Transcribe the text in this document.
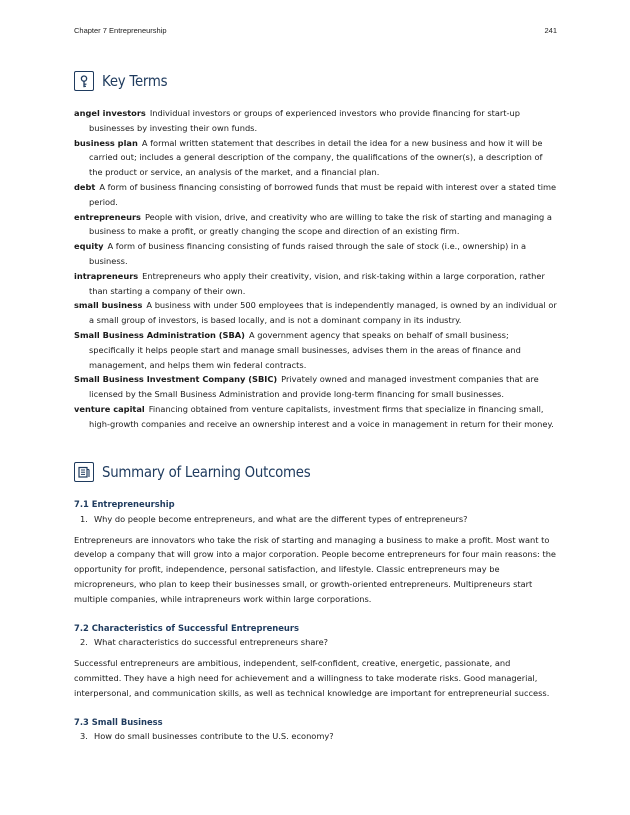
Chapter 7 Entrepreneurship	241
Key Terms

angel investors Individual investors or groups of experienced investors who provide financing for start-up businesses by investing their own funds.

business plan A formal written statement that describes in detail the idea for a new business and how it will be carried out; includes a general description of the company, the qualifications of the owner(s), a description of the product or service, an analysis of the market, and a financial plan.

debt A form of business financing consisting of borrowed funds that must be repaid with interest over a stated time period.

entrepreneurs People with vision, drive, and creativity who are willing to take the risk of starting and managing a business to make a profit, or greatly changing the scope and direction of an existing firm.

equity A form of business financing consisting of funds raised through the sale of stock (i.e., ownership) in a business.

intrapreneurs Entrepreneurs who apply their creativity, vision, and risk-taking within a large corporation, rather than starting a company of their own.

small business A business with under 500 employees that is independently managed, is owned by an individual or a small group of investors, is based locally, and is not a dominant company in its industry.

Small Business Administration (SBA) A government agency that speaks on behalf of small business; specifically it helps people start and manage small businesses, advises them in the areas of finance and management, and helps them win federal contracts.

Small Business Investment Company (SBIC) Privately owned and managed investment companies that are licensed by the Small Business Administration and provide long-term financing for small businesses.

venture capital Financing obtained from venture capitalists, investment firms that specialize in financing small, high-growth companies and receive an ownership interest and a voice in management in return for their money.

Summary of Learning Outcomes

7.1 Entrepreneurship

1. Why do people become entrepreneurs, and what are the different types of entrepreneurs?

Entrepreneurs are innovators who take the risk of starting and managing a business to make a profit. Most want to develop a company that will grow into a major corporation. People become entrepreneurs for four main reasons: the opportunity for profit, independence, personal satisfaction, and lifestyle. Classic entrepreneurs may be micropreneurs, who plan to keep their businesses small, or growth-oriented entrepreneurs. Multipreneurs start multiple companies, while intrapreneurs work within large corporations.

7.2 Characteristics of Successful Entrepreneurs

2. What characteristics do successful entrepreneurs share?

Successful entrepreneurs are ambitious, independent, self-confident, creative, energetic, passionate, and committed. They have a high need for achievement and a willingness to take moderate risks. Good managerial, interpersonal, and communication skills, as well as technical knowledge are important for entrepreneurial success.

7.3 Small Business

3. How do small businesses contribute to the U.S. economy?
